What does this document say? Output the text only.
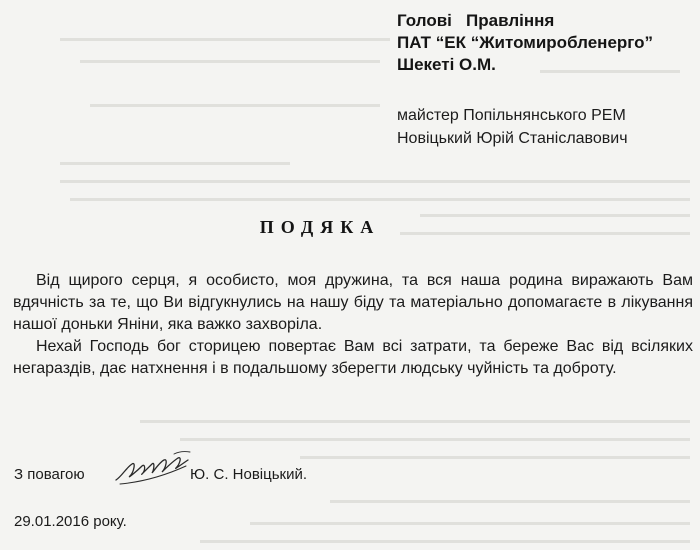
Голові   Правління
ПАТ “ЕК “Житомиробленерго”
Шекеті О.М.
майстер Попільнянського РЕМ
Новіцький Юрій Станіславович
ПОДЯКА

Від щирого серця, я особисто, моя дружина, та вся наша родина виражають Вам вдячність за те, що Ви відгукнулись на нашу біду та матеріально допомагаєте в лікування нашої доньки Яніни, яка важко захворіла.

Нехай Господь бог сторицею повертає Вам всі затрати, та береже Вас від всіляких негараздів, дає натхнення і в подальшому зберегти людську чуйність та доброту.

З повагою	Ю. С. Новіцький.
29.01.2016 року.
